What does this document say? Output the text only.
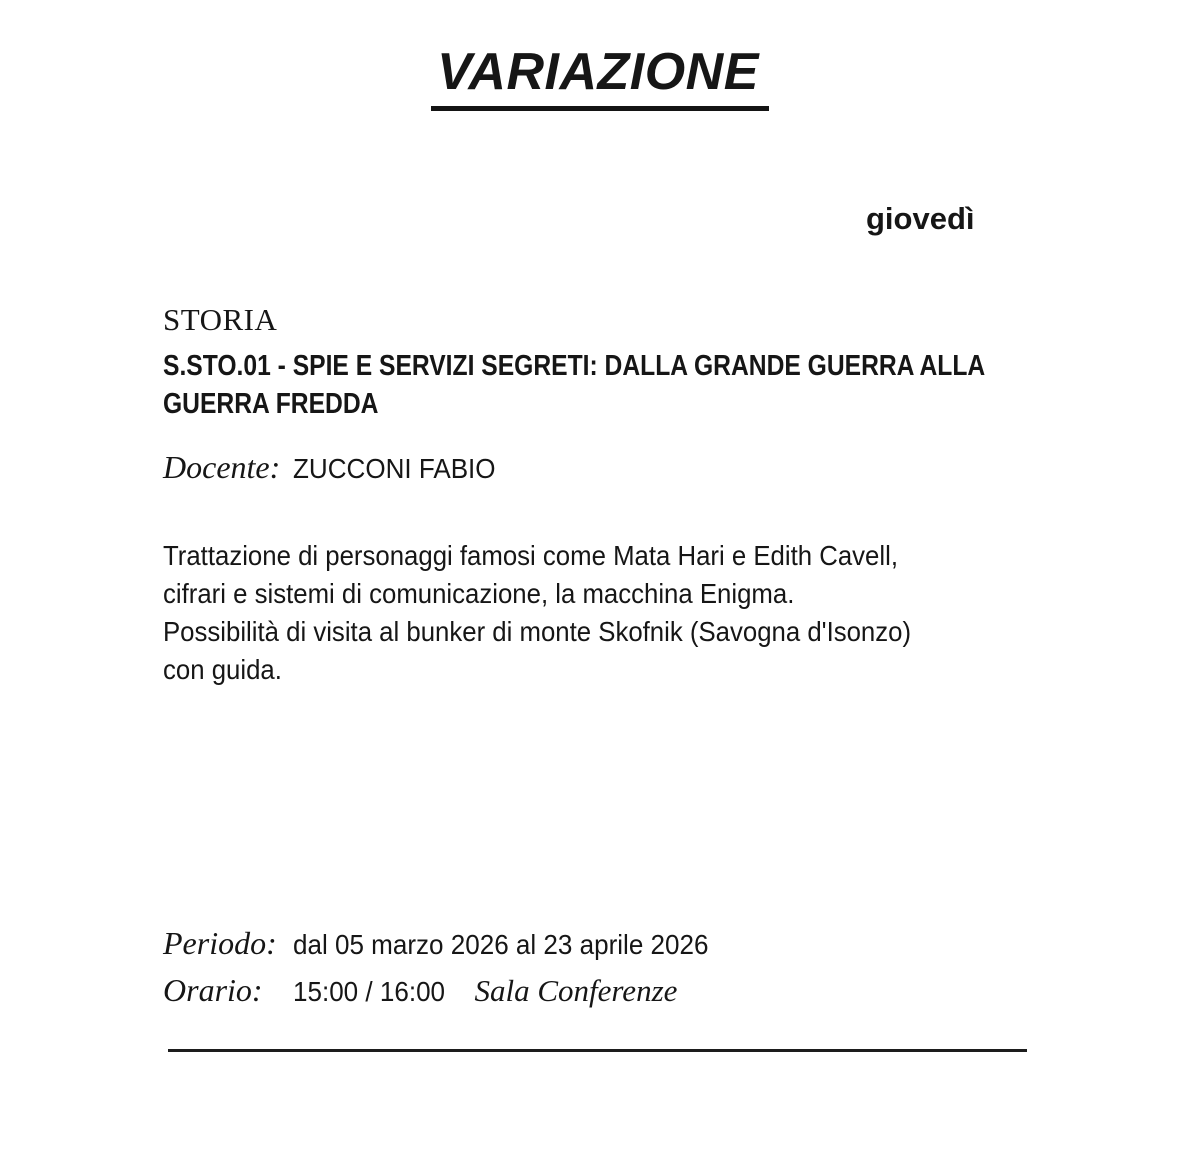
VARIAZIONE
giovedì
STORIA
S.STO.01 - SPIE E SERVIZI SEGRETI: DALLA GRANDE GUERRA ALLA
GUERRA FREDDA
Docente: ZUCCONI FABIO
Trattazione di personaggi famosi come Mata Hari e Edith Cavell,
cifrari e sistemi di comunicazione, la macchina Enigma.
Possibilità di visita al bunker di monte Skofnik (Savogna d'Isonzo)
con guida.
Periodo: dal 05 marzo 2026 al 23 aprile 2026
Orario: 15:00 / 16:00 Sala Conferenze
